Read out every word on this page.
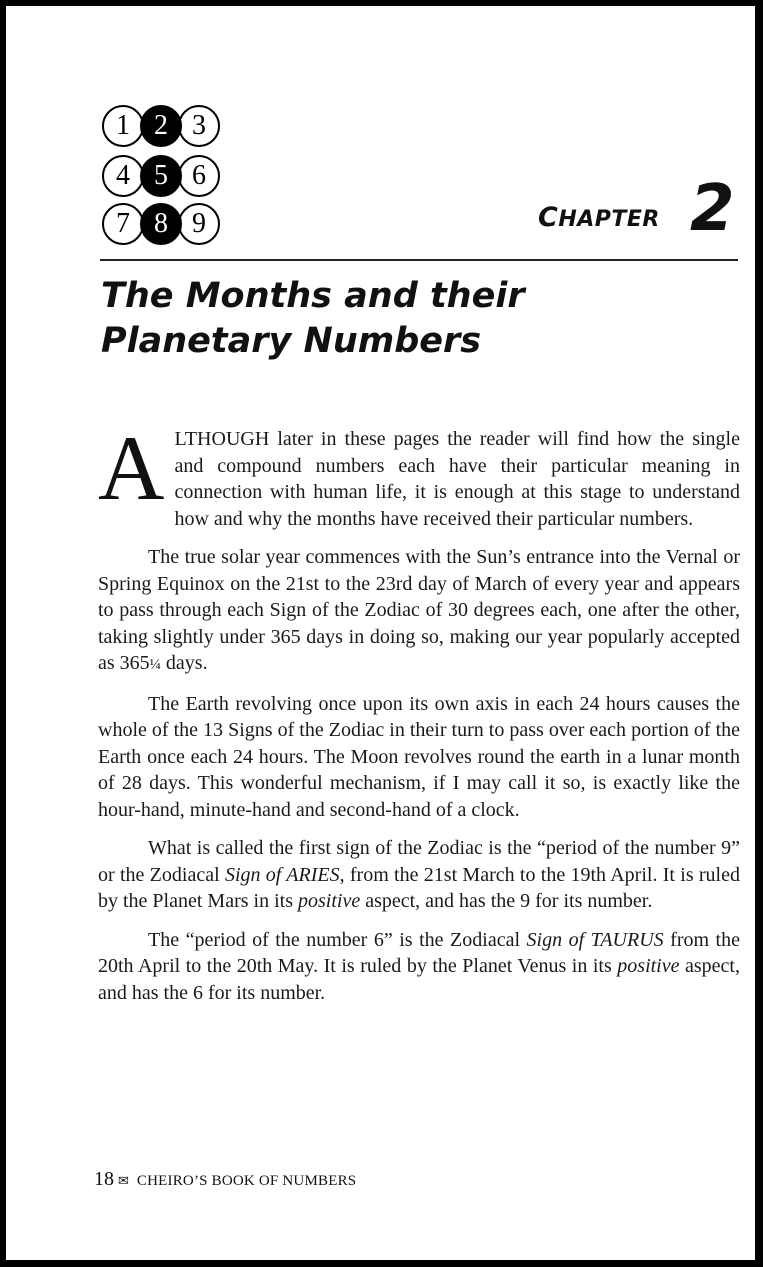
1 2 3
4 5 6
7 8 9	CHAPTER 2
The Months and their
Planetary Numbers

ALTHOUGH later in these pages the reader will find how the single and compound numbers each have their particular meaning in connection with human life, it is enough at this stage to understand how and why the months have received their particular numbers.

The true solar year commences with the Sun’s entrance into the Vernal or Spring Equinox on the 21st to the 23rd day of March of every year and appears to pass through each Sign of the Zodiac of 30 degrees each, one after the other, taking slightly under 365 days in doing so, making our year popularly accepted as 365¼ days.

The Earth revolving once upon its own axis in each 24 hours causes the whole of the 13 Signs of the Zodiac in their turn to pass over each portion of the Earth once each 24 hours. The Moon revolves round the earth in a lunar month of 28 days. This wonderful mechanism, if I may call it so, is exactly like the hour-hand, minute-hand and second-hand of a clock.

What is called the first sign of the Zodiac is the “period of the number 9” or the Zodiacal Sign of ARIES, from the 21st March to the 19th April. It is ruled by the Planet Mars in its positive aspect, and has the 9 for its number.

The “period of the number 6” is the Zodiacal Sign of TAURUS from the 20th April to the 20th May. It is ruled by the Planet Venus in its positive aspect, and has the 6 for its number.

18 ✉ CHEIRO’S BOOK OF NUMBERS
